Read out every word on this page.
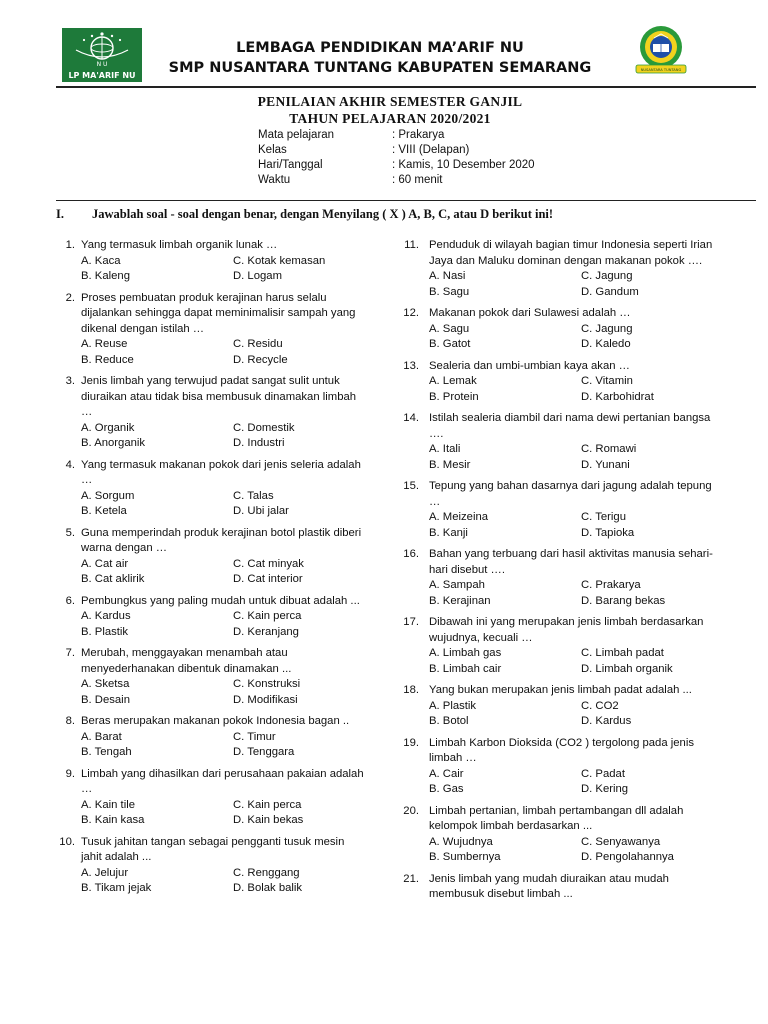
N U
LP MA'ARIF NU
LEMBAGA PENDIDIKAN MA’ARIF NU
SMP NUSANTARA TUNTANG KABUPATEN SEMARANG	NUSANTARA TUNTANG
PENILAIAN AKHIR SEMESTER GANJIL
TAHUN PELAJARAN 2020/2021
Mata pelajaran	: Prakarya
Kelas	: VIII (Delapan)
Hari/Tanggal	: Kamis, 10 Desember 2020
Waktu	: 60 menit
I. Jawablah soal - soal dengan benar, dengan Menyilang ( X ) A, B, C, atau D berikut ini!
1. Yang termasuk limbah organik lunak …
A. Kaca	C. Kotak kemasan
B. Kaleng	D. Logam
2. Proses pembuatan produk kerajinan harus selalu
dijalankan sehingga dapat meminimalisir sampah yang
dikenal dengan istilah …
A. Reuse	C. Residu
B. Reduce	D. Recycle
3. Jenis limbah yang terwujud padat sangat sulit untuk
diuraikan atau tidak bisa membusuk dinamakan limbah
…
A. Organik	C. Domestik
B. Anorganik	D. Industri
4. Yang termasuk makanan pokok dari jenis seleria adalah
…
A. Sorgum	C. Talas
B. Ketela	D. Ubi jalar
5. Guna memperindah produk kerajinan botol plastik diberi
warna dengan …
A. Cat air	C. Cat minyak
B. Cat aklirik	D. Cat interior
6. Pembungkus yang paling mudah untuk dibuat adalah ...
A. Kardus	C. Kain perca
B. Plastik	D. Keranjang
7. Merubah, menggayakan menambah atau
menyederhanakan dibentuk dinamakan ...
A. Sketsa	C. Konstruksi
B. Desain	D. Modifikasi
8. Beras merupakan makanan pokok Indonesia bagan ..
A. Barat	C. Timur
B. Tengah	D. Tenggara
9. Limbah yang dihasilkan dari perusahaan pakaian adalah
…
A. Kain tile	C. Kain perca
B. Kain kasa	D. Kain bekas
10. Tusuk jahitan tangan sebagai pengganti tusuk mesin
jahit adalah ...
A. Jelujur	C. Renggang
B. Tikam jejak	D. Bolak balik
11. Penduduk di wilayah bagian timur Indonesia seperti Irian
Jaya dan Maluku dominan dengan makanan pokok ….
A. Nasi	C. Jagung
B. Sagu	D. Gandum
12. Makanan pokok dari Sulawesi adalah …
A. Sagu	C. Jagung
B. Gatot	D. Kaledo
13. Sealeria dan umbi-umbian kaya akan …
A. Lemak	C. Vitamin
B. Protein	D. Karbohidrat
14. Istilah sealeria diambil dari nama dewi pertanian bangsa
….
A. Itali	C. Romawi
B. Mesir	D. Yunani
15. Tepung yang bahan dasarnya dari jagung adalah tepung
…
A. Meizeina	C. Terigu
B. Kanji	D. Tapioka
16. Bahan yang terbuang dari hasil aktivitas manusia sehari-
hari disebut ….
A. Sampah	C. Prakarya
B. Kerajinan	D. Barang bekas
17. Dibawah ini yang merupakan jenis limbah berdasarkan
wujudnya, kecuali …
A. Limbah gas	C. Limbah padat
B. Limbah cair	D. Limbah organik
18. Yang bukan merupakan jenis limbah padat adalah ...
A. Plastik	C. CO2
B. Botol	D. Kardus
19. Limbah Karbon Dioksida (CO2 ) tergolong pada jenis
limbah …
A. Cair	C. Padat
B. Gas	D. Kering
20. Limbah pertanian, limbah pertambangan dll adalah
kelompok limbah berdasarkan ...
A. Wujudnya	C. Senyawanya
B. Sumbernya	D. Pengolahannya
21. Jenis limbah yang mudah diuraikan atau mudah
membusuk disebut limbah ...
